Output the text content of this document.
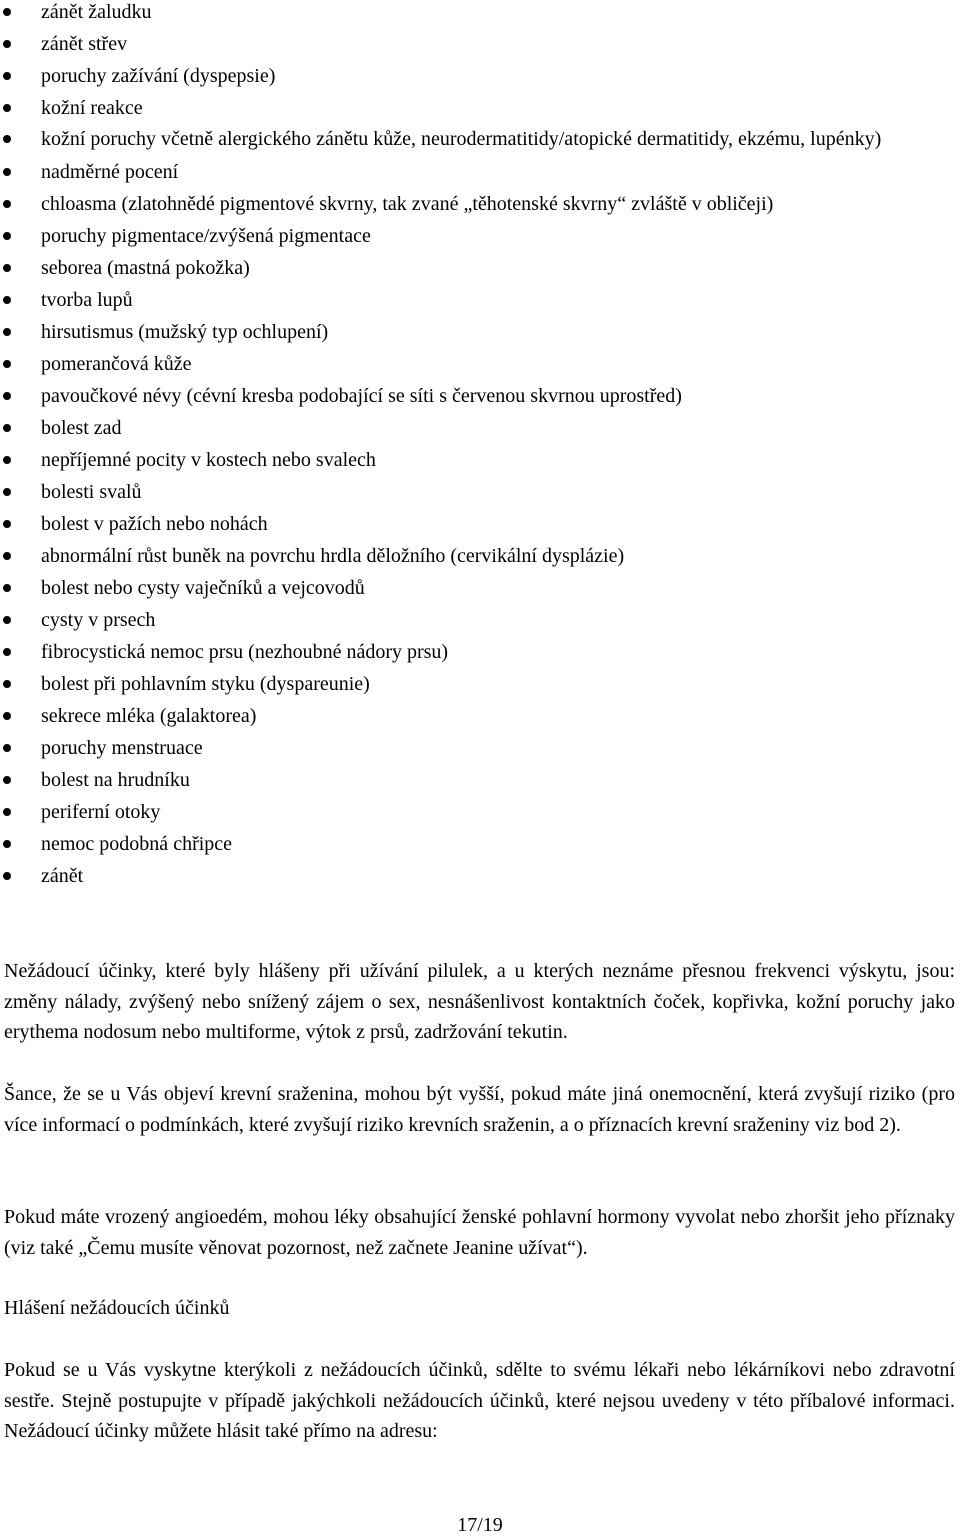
zánět žaludku
zánět střev
poruchy zažívání (dyspepsie)
kožní reakce
kožní poruchy včetně alergického zánětu kůže, neurodermatitidy/atopické dermatitidy, ekzému, lupénky)
nadměrné pocení
chloasma (zlatohnědé pigmentové skvrny, tak zvané „těhotenské skvrny“ zvláště v obličeji)
poruchy pigmentace/zvýšená pigmentace
seborea (mastná pokožka)
tvorba lupů
hirsutismus (mužský typ ochlupení)
pomerančová kůže
pavoučkové névy (cévní kresba podobající se síti s červenou skvrnou uprostřed)
bolest zad
nepříjemné pocity v kostech nebo svalech
bolesti svalů
bolest v pažích nebo nohách
abnormální růst buněk na povrchu hrdla děložního (cervikální dysplázie)
bolest nebo cysty vaječníků a vejcovodů
cysty v prsech
fibrocystická nemoc prsu (nezhoubné nádory prsu)
bolest při pohlavním styku (dyspareunie)
sekrece mléka (galaktorea)
poruchy menstruace
bolest na hrudníku
periferní otoky
nemoc podobná chřipce
zánět

Nežádoucí účinky, které byly hlášeny při užívání pilulek, a u kterých neznáme přesnou frekvenci výskytu, jsou: změny nálady, zvýšený nebo snížený zájem o sex, nesnášenlivost kontaktních čoček, kopřivka, kožní poruchy jako erythema nodosum nebo multiforme, výtok z prsů, zadržování tekutin.

Šance, že se u Vás objeví krevní sraženina, mohou být vyšší, pokud máte jiná onemocnění, která zvyšují riziko (pro více informací o podmínkách, které zvyšují riziko krevních sraženin, a o příznacích krevní sraženiny viz bod 2).

Pokud máte vrozený angioedém, mohou léky obsahující ženské pohlavní hormony vyvolat nebo zhoršit jeho příznaky (viz také „Čemu musíte věnovat pozornost, než začnete Jeanine užívat“).

Hlášení nežádoucích účinků

Pokud se u Vás vyskytne kterýkoli z nežádoucích účinků, sdělte to svému lékaři nebo lékárníkovi nebo zdravotní sestře. Stejně postupujte v případě jakýchkoli nežádoucích účinků, které nejsou uvedeny v této příbalové informaci. Nežádoucí účinky můžete hlásit také přímo na adresu:

17/19
